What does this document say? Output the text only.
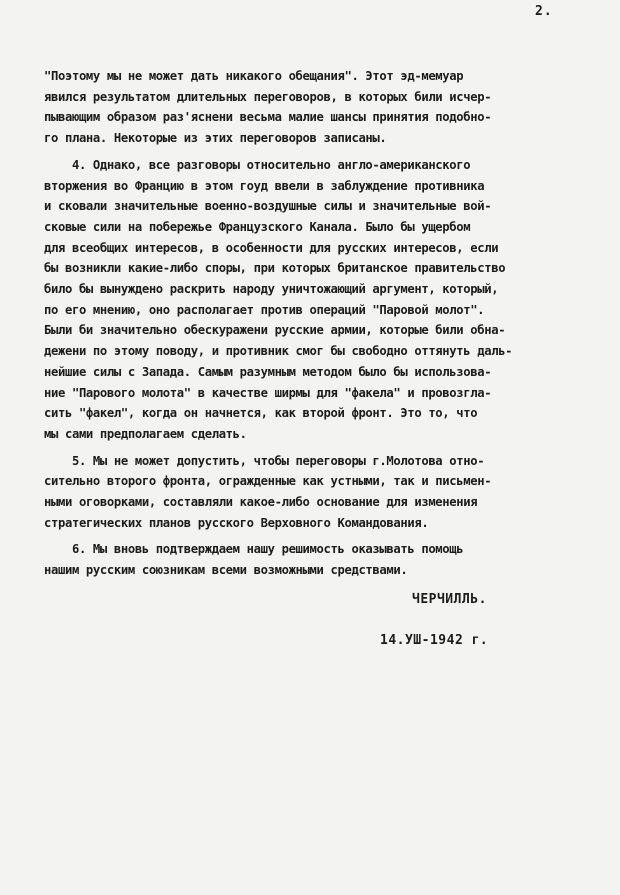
2.
"Поэтому мы не может дать никакого обещания". Этот эд-мемуар
явился результатом длительных переговоров, в которых били исчер-
пывающим образом раз'яснени весьма малие шансы принятия подобно-
го плана. Некоторые из этих переговоров записаны.
4. Однако, все разговоры относительно англо-американского
вторжения во Францию в этом гоуд ввели в заблуждение противника
и сковали значительные военно-воздушные силы и значительные вой-
сковые сили на побережье Французского Канала. Было бы ущербом
для всеобщих интересов, в особенности для русских интересов, если
бы возникли какие-либо споры, при которых британское правительство
било бы вынуждено раскрить народу уничтожающий аргумент, который,
по его мнению, оно располагает против операций "Паровой молот".
Были би значительно обескуражени русские армии, которые били обна-
дежени по этому поводу, и противник смог бы свободно оттянуть даль-
нейшие силы с Запада. Самым разумным методом было бы использова-
ние "Парового молота" в качестве ширмы для "факела" и провозгла-
сить "факел", когда он начнется, как второй фронт. Это то, что
мы сами предполагаем сделать.
5. Мы не может допустить, чтобы переговоры г.Молотова отно-
сительно второго фронта, огражденные как устными, так и письмен-
ными оговорками, составляли какое-либо основание для изменения
стратегических планов русского Верховного Командования.
6. Мы вновь подтверждаем нашу решимость оказывать помощь
нашим русским союзникам всеми возможными средствами.
ЧЕРЧИЛЛЬ.
14.УШ-1942 г.
